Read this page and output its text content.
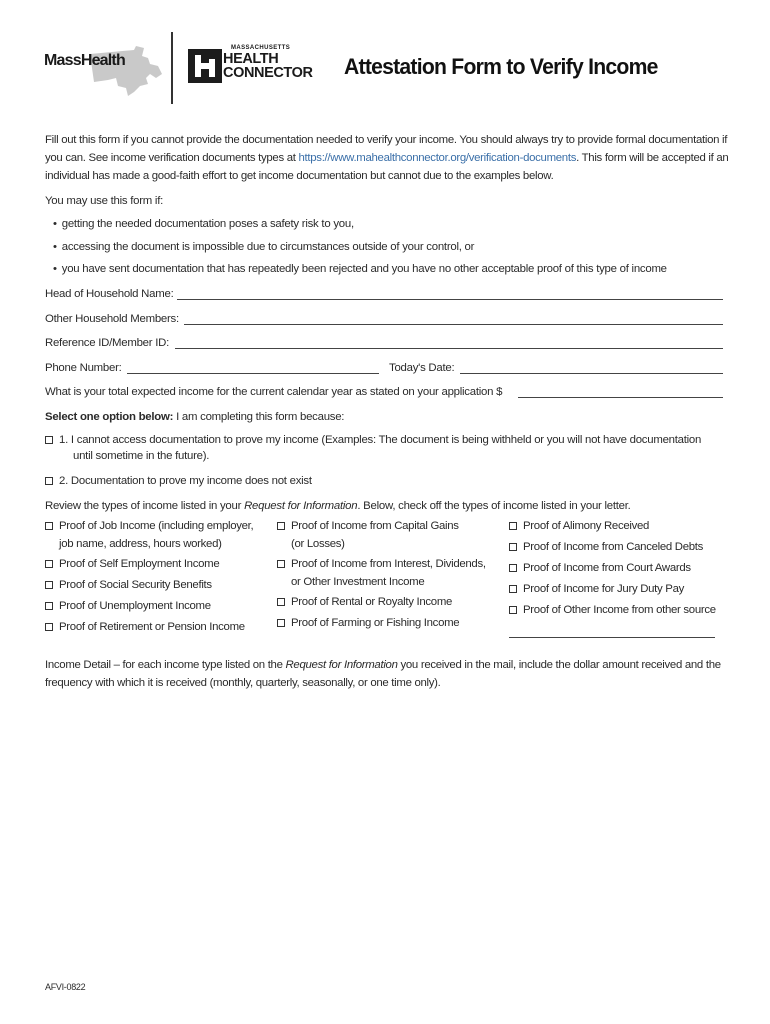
MassHealth
MASSACHUSETTS
HEALTH
CONNECTOR Attestation Form to Verify Income
Fill out this form if you cannot provide the documentation needed to verify your income. You should always try to provide formal documentation if you can. See income verification documents types at https://www.mahealthconnector.org/verification-documents. This form will be accepted if an individual has made a good-faith effort to get income documentation but cannot due to the examples below.
You may use this form if:
• getting the needed documentation poses a safety risk to you,
• accessing the document is impossible due to circumstances outside of your control, or
• you have sent documentation that has repeatedly been rejected and you have no other acceptable proof of this type of income
Head of Household Name:
Other Household Members:
Reference ID/Member ID:
Phone Number:	Today's Date:
What is your total expected income for the current calendar year as stated on your application $
Select one option below: I am completing this form because:
1. I cannot access documentation to prove my income (Examples: The document is being withheld or you will not have documentation
until sometime in the future).
2. Documentation to prove my income does not exist
Review the types of income listed in your Request for Information. Below, check off the types of income listed in your letter.
Proof of Job Income (including employer,
job name, address, hours worked)
Proof of Self Employment Income
Proof of Social Security Benefits
Proof of Unemployment Income
Proof of Retirement or Pension Income
Proof of Income from Capital Gains
(or Losses)
Proof of Income from Interest, Dividends,
or Other Investment Income
Proof of Rental or Royalty Income
Proof of Farming or Fishing Income
Proof of Alimony Received
Proof of Income from Canceled Debts
Proof of Income from Court Awards
Proof of Income for Jury Duty Pay
Proof of Other Income from other source
Income Detail – for each income type listed on the Request for Information you received in the mail, include the dollar amount received and the frequency with which it is received (monthly, quarterly, seasonally, or one time only).
AFVI-0822
